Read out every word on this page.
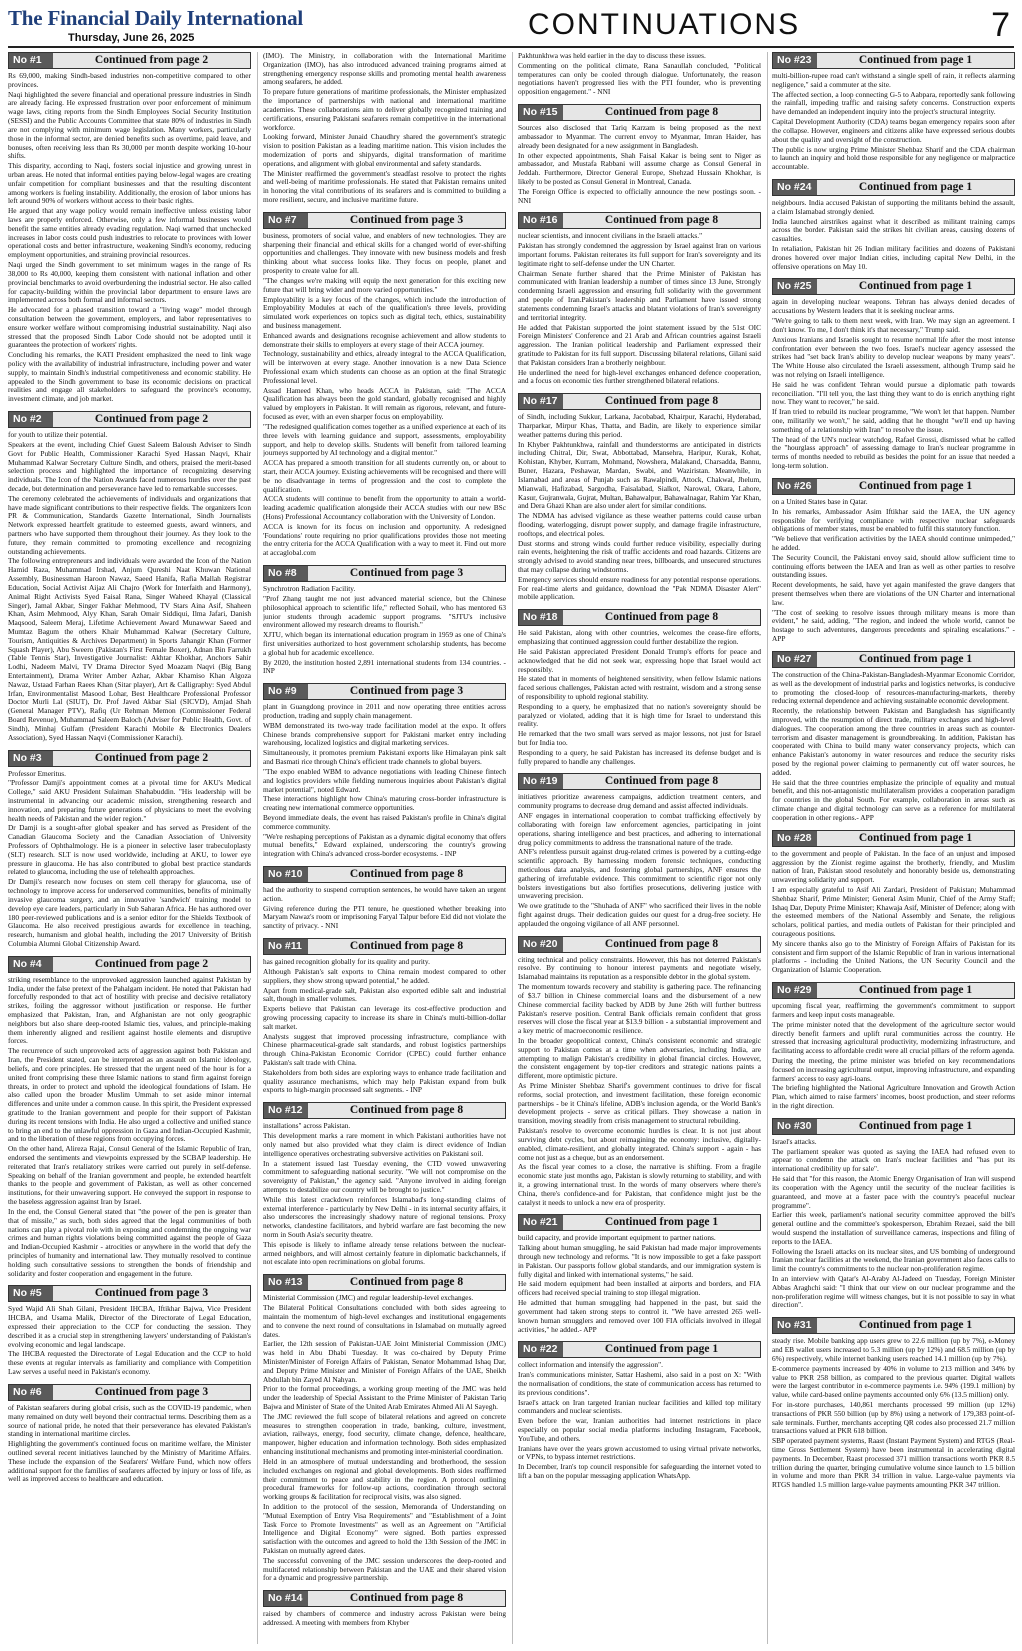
The Financial Daily International
Thursday, June 26, 2025	CONTINUATIONS	7
No #1	Continued from page 2

Rs 69,000, making Sindh-based industries non-competitive compared to other provinces.

Naqi highlighted the severe financial and operational pressure industries in Sindh are already facing. He expressed frustration over poor enforcement of minimum wage laws, citing reports from the Sindh Employees Social Security Institution (SESSI) and the Public Accounts Committee that state 80% of industries in Sindh are not complying with minimum wage legislation. Many workers, particularly those in the informal sector, are denied benefits such as overtime, paid leave, and bonuses, often receiving less than Rs 30,000 per month despite working 10-hour shifts.

This disparity, according to Naqi, fosters social injustice and growing unrest in urban areas. He noted that informal entities paying below-legal wages are creating unfair competition for compliant businesses and that the resulting discontent among workers is fueling instability. Additionally, the erosion of labor unions has left around 90% of workers without access to their basic rights.

He argued that any wage policy would remain ineffective unless existing labor laws are properly enforced. Otherwise, only a few informal businesses would benefit the same entities already evading regulation. Naqi warned that unchecked increases in labor costs could push industries to relocate to provinces with lower operational costs and better infrastructure, weakening Sindh's economy, reducing employment opportunities, and straining provincial resources.

Naqi urged the Sindh government to set minimum wages in the range of Rs 38,000 to Rs 40,000, keeping them consistent with national inflation and other provincial benchmarks to avoid overburdening the industrial sector. He also called for capacity-building within the provincial labor department to ensure laws are implemented across both formal and informal sectors.

He advocated for a phased transition toward a "living wage" model through consultation between the government, employers, and labor representatives to ensure worker welfare without compromising industrial sustainability. Naqi also stressed that the proposed Sindh Labor Code should not be adopted until it guarantees the protection of workers' rights.

Concluding his remarks, the KATI President emphasized the need to link wage policy with the availability of industrial infrastructure, including power and water supply, to maintain Sindh's industrial competitiveness and economic stability. He appealed to the Sindh government to base its economic decisions on practical realities and engage all stakeholders to safeguard the province's economy, investment climate, and job market.

No #2	Continued from page 2

for youth to utilize their potential.

Speakers at the event, including Chief Guest Saleem Baloush Adviser to Sindh Govt for Public Health, Commissioner Karachi Syed Hassan Naqvi, Khair Muhammad Kalwar Secretary Culture Sindh, and others, praised the merit-based selection process and highlighted the importance of recognizing deserving individuals. The Icon of the Nation Awards faced numerous hurdles over the past decade, but determination and perseverance have led to remarkable successes.

The ceremony celebrated the achievements of individuals and organizations that have made significant contributions to their respective fields. The organizers Icon PR & Communication, Standards Gazette International, Sindh Journalists Network expressed heartfelt gratitude to esteemed guests, award winners, and partners who have supported them throughout their journey. As they look to the future, they remain committed to promoting excellence and recognizing outstanding achievements.

The following entrepreneurs and individuals were awarded the Icon of the Nation Hamid Raza, Muhammad Irshad, Anjum Qureshi Naat Khuwan National Assembly, Businessman Haroon Nawaz, Saeed Hanifa, Rafia Mallah Registrar Education, Social Activist Aijaz Ali Chajro (Work for Interfaith and Harmony), Animal Right Activists Syed Faisal Rana, Singer Waheed Khayal (Classical Singer), Jamal Akbar, Singer Fakhar Mehmood, TV Stars Aina Asif, Shaheen Khan, Asim Mehmood, Alyy Khan, Sarah Omair Siddiqui, Ilma Jafari, Danish Maqsood, Saleem Meraj, Lifetime Achievement Award Munawwar Saeed and Mumtaz Bagum the others Khair Muhammad Kalwar (Secretary Culture, Tourism, Antiquities & Archives Department) in Sports Jahangir Khan (Former Squash Player), Abu Sweero (Pakistan's First Female Boxer), Adnan Bin Farrukh (Table Tennis Star), Investigative Journalist: Akhtar Khokhar, Anchors Sahir Lodhi, Nadeem Malvi, TV Drama Director Syed Moazam Naqvi (Big Bang Entertainment), Drama Writer Amber Azhar, Akbar Khamiso Khan Algoza Nawaz, Ustaad Farhan Raees Khan (Sitar player), Art & Calligraphy: Syed Abdul Irfan, Environmentalist Masood Lohar, Best Healthcare Professional Professor Doctor Murli Lal (SIUT), Dr. Prof Javed Akbar Sial (SICVD), Amjad Shah (General Manager PTV), Rafiq (Ur Rehman Memon (Commissioner Federal Board Revenue), Muhammad Saleem Baloch (Adviser for Public Health, Govt. of Sindh), Minhaj Gulfam (President Karachi Mobile & Electronics Dealers Association), Syed Hassan Naqvi (Commissioner Karachi).

No #3	Continued from page 2

Professor Emeritus.

"Professor Damji's appointment comes at a pivotal time for AKU's Medical College," said AKU President Sulaiman Shahabuddin. "His leadership will be instrumental in advancing our academic mission, strengthening research and innovation, and preparing future generations of physicians to meet the evolving health needs of Pakistan and the wider region."

Dr Damji is a sought-after global speaker and has served as President of the Canadian Glaucoma Society and the Canadian Association of University Professors of Ophthalmology. He is a pioneer in selective laser trabeculoplasty (SLT) research. SLT is now used worldwide, including at AKU, to lower eye pressure in glaucoma. He has also contributed to global best practice standards related to glaucoma, including the use of telehealth approaches.

Dr Damji's research now focuses on stem cell therapy for glaucoma, use of technology to improve access for underserved communities, benefits of minimally invasive glaucoma surgery, and an innovative 'sandwich' training model to develop eye care leaders, particularly in Sub Saharan Africa. He has authored over 180 peer-reviewed publications and is a senior editor for the Shields Textbook of Glaucoma. He also received prestigious awards for excellence in teaching, research, humanism and global health, including the 2017 University of British Columbia Alumni Global Citizenship Award.

No #4	Continued from page 2

striking resemblance to the unprovoked aggression launched against Pakistan by India, under the false pretext of the Pahalgam incident. He noted that Pakistan had forcefully responded to that act of hostility with precise and decisive retaliatory strikes, foiling the aggressor without justification or response. He further emphasized that Pakistan, Iran, and Afghanistan are not only geographic neighbors but also share deep-rooted Islamic ties, values, and principle-making them inherently aligned and resilient against hostile elements and disruptive forces.

The recurrence of such unprovoked acts of aggression against both Pakistan and Iran, the President stated, can be interpreted as an assault on Islamic ideology, beliefs, and core principles. He stressed that the urgent need of the hour is for a united front comprising these three Islamic nations to stand firm against foreign threats, in order to protect and uphold the ideological foundations of Islam. He also called upon the broader Muslim Ummah to set aside minor internal differences and unite under a common cause. In this spirit, the President expressed gratitude to the Iranian government and people for their support of Pakistan during its recent tensions with India. He also urged a collective and unified stance to bring an end to the unlawful oppression in Gaza and Indian-Occupied Kashmir, and to the liberation of these regions from occupying forces.

On the other hand, Alireza Rajai, Consul General of the Islamic Republic of Iran, endorsed the sentiments and viewpoints expressed by the SCBAP leadership. He reiterated that Iran's retaliatory strikes were carried out purely in self-defense. Speaking on behalf of the Iranian government and people, he extended heartfelt thanks to the people and government of Pakistan, as well as other concerned institutions, for their unwavering support. He conveyed the support in response to the baseless aggression against Iran by Israel.

In the end, the Consul General stated that "the power of the pen is greater than that of missile," as such, both sides agreed that the legal communities of both nations can play a pivotal role with in exposing and condemning the ongoing war crimes and human rights violations being committed against the people of Gaza and Indian-Occupied Kashmir - atrocities or anywhere in the world that defy the principles of humanity and international law. They mutually resolved to continue holding such consultative sessions to strengthen the bonds of friendship and solidarity and foster cooperation and engagement in the future.

No #5	Continued from page 3

Syed Wajid Ali Shah Gilani, President IHCBA, Iftikhar Bajwa, Vice President IHCBA, and Usama Malik, Director of the Directorate of Legal Education, expressed their appreciation to the CCP for conducting the session. They described it as a crucial step in strengthening lawyers' understanding of Pakistan's evolving economic and legal landscape.

The IHCBA requested the Directorate of Legal Education and the CCP to hold these events at regular intervals as familiarity and compliance with Competition Law serves a useful need in Pakistan's economy.

No #6	Continued from page 3

of Pakistan seafarers during global crisis, such as the COVID-19 pandemic, when many remained on duty well beyond their contractual terms. Describing them as a source of national pride, he noted that their perseverance has elevated Pakistan's standing in international maritime circles.

Highlighting the government's continued focus on maritime welfare, the Minister outlined several recent initiatives launched by the Ministry of Maritime Affairs. These include the expansion of the Seafarers' Welfare Fund, which now offers additional support for the families of seafarers affected by injury or loss of life, as well as improved access to healthcare and education.

(IMO). The Ministry, in collaboration with the International Maritime Organization (IMO), has also introduced advanced training programs aimed at strengthening emergency response skills and promoting mental health awareness among seafarers, he added.

To prepare future generations of maritime professionals, the Minister emphasized the importance of partnerships with national and international maritime academies. These collaborations aim to deliver globally recognized training and certifications, ensuring Pakistani seafarers remain competitive in the international workforce.

Looking forward, Minister Junaid Chaudhry shared the government's strategic vision to position Pakistan as a leading maritime nation. This vision includes the modernization of ports and shipyards, digital transformation of maritime operations, and alignment with global environmental and safety standards.

The Minister reaffirmed the government's steadfast resolve to protect the rights and well-being of maritime professionals. He stated that Pakistan remains united in honoring the vital contributions of its seafarers and is committed to building a more resilient, secure, and inclusive maritime future.

No #7	Continued from page 3

business, promoters of social value, and enablers of new technologies. They are sharpening their financial and ethical skills for a changed world of ever-shifting opportunities and challenges. They innovate with new business models and fresh thinking about what success looks like. They focus on people, planet and prosperity to create value for all.

"The changes we're making will equip the next generation for this exciting new future that will bring wider and more varied opportunities."

Employability is a key focus of the changes, which include the introduction of Employability Modules at each of the qualification's three levels, providing simulated work experiences on topics such as digital tech, ethics, sustainability and business management.

Enhanced awards and designations recognise achievement and allow students to demonstrate their skills to employers at every stage of their ACCA journey.

Technology, sustainability and ethics, already integral to the ACCA Qualification, will be interwoven at every stage. Another innovation is a new Data Science Professional exam which students can choose as an option at the final Strategic Professional level.

Assad Hameed Khan, who heads ACCA in Pakistan, said: "The ACCA Qualification has always been the gold standard, globally recognised and highly valued by employers in Pakistan. It will remain as rigorous, relevant, and future-focused as ever, with an even sharper focus on employability.

"The redesigned qualification comes together as a unified experience at each of its three levels with learning guidance and support, assessments, employability support, and help to develop skills. Students will benefit from tailored learning journeys supported by AI technology and a digital mentor."

ACCA has prepared a smooth transition for all students currently on, or about to start, their ACCA journey. Existing achievements will be recognised and there will be no disadvantage in terms of progression and the cost to complete the qualification.

ACCA students will continue to benefit from the opportunity to attain a world-leading academic qualification alongside their ACCA studies with our new BSc (Hons) Professional Accountancy collaboration with the University of London.

ACCA is known for its focus on inclusion and opportunity. A redesigned 'Foundations' route requiring no prior qualifications provides those not meeting the entry criteria for the ACCA Qualification with a way to meet it. Find out more at accaglobal.com

No #8	Continued from page 3

Synchrotron Radiation Facility.

"Prof Zhang taught me not just advanced material science, but the Chinese philosophical approach to scientific life," reflected Sohail, who has mentored 63 junior students through academic support programs. "SJTU's inclusive environment allowed my research dreams to flourish."

XJTU, which began its international education program in 1959 as one of China's first universities authorized to host government scholarship students, has become a global hub for academic excellence.

By 2020, the institution hosted 2,891 international students from 134 countries. - INP

No #9	Continued from page 3

plant in Guangdong province in 2011 and now operating three entities across production, trading and supply chain management.

WBM demonstrated its two-way trade facilitation model at the expo. It offers Chinese brands comprehensive support for Pakistani market entry including warehousing, localized logistics and digital marketing services.

Simultaneously, it promotes premium Pakistani exports like Himalayan pink salt and Basmati rice through China's efficient trade channels to global buyers.

"The expo enabled WBM to advance negotiations with leading Chinese fintech and logistics providers while fielding numerous inquiries about Pakistan's digital market potential", noted Edward.

These interactions highlight how China's maturing cross-border infrastructure is creating new international commerce opportunities.

Beyond immediate deals, the event has raised Pakistan's profile in China's digital commerce community.

"We're reshaping perceptions of Pakistan as a dynamic digital economy that offers mutual benefits," Edward explained, underscoring the country's growing integration with China's advanced cross-border ecosystems. - INP

No #10	Continued from page 8

had the authority to suspend corruption sentences, he would have taken an urgent action.

Giving reference during the PTI tenure, he questioned whether breaking into Maryam Nawaz's room or imprisoning Faryal Talpur before Eid did not violate the sanctity of privacy. - NNI

No #11	Continued from page 8

has gained recognition globally for its quality and purity.

Although Pakistan's salt exports to China remain modest compared to other suppliers, they show strong upward potential," he added.

Apart from medical-grade salt, Pakistan also exported edible salt and industrial salt, though in smaller volumes.

Experts believe that Pakistan can leverage its cost-effective production and growing processing capacity to increase its share in China's multi-billion-dollar salt market.

Analysts suggest that improved processing infrastructure, compliance with Chinese pharmaceutical-grade salt standards, and robust logistics partnerships through China-Pakistan Economic Corridor (CPEC) could further enhance Pakistan's salt trade with China.

Stakeholders from both sides are exploring ways to enhance trade facilitation and quality assurance mechanisms, which may help Pakistan expand from bulk exports to high-margin processed salt segments. - INP

No #12	Continued from page 8

installations" across Pakistan.

This development marks a rare moment in which Pakistani authorities have not only named but also provided what they claim is direct evidence of Indian intelligence operatives orchestrating subversive activities on Pakistani soil.

In a statement issued last Tuesday evening, the CTD vowed unwavering commitment to safeguarding national security. "We will not compromise on the sovereignty of Pakistan," the agency said. "Anyone involved in aiding foreign attempts to destabilize our country will be brought to justice."

While this latest crackdown reinforces Islamabad's long-standing claims of external interference - particularly by New Delhi - in its internal security affairs, it also underscores the increasingly shadowy nature of regional tensions. Proxy networks, clandestine facilitators, and hybrid warfare are fast becoming the new norm in South Asia's security theatre.

This episode is likely to inflame already tense relations between the nuclear-armed neighbors, and will almost certainly feature in diplomatic backchannels, if not escalate into open recriminations on global forums.

No #13	Continued from page 8

Ministerial Commission (JMC) and regular leadership-level exchanges.

The Bilateral Political Consultations concluded with both sides agreeing to maintain the momentum of high-level exchanges and institutional engagements and to convene the next round of consultations in Islamabad on mutually agreed dates.

Earlier, the 12th session of Pakistan-UAE Joint Ministerial Commission (JMC) was held in Abu Dhabi Tuesday. It was co-chaired by Deputy Prime Minister/Minister of Foreign Affairs of Pakistan, Senator Mohammad Ishaq Dar, and Deputy Prime Minister and Minister of Foreign Affairs of the UAE, Sheikh Abdullah bin Zayed Al Nahyan.

Prior to the formal proceedings, a working group meeting of the JMC was held under the leadership of Special Assistant to the Prime Minister of Pakistan Tariq Bajwa and Minister of State of the United Arab Emirates Ahmed Ali Al Sayegh.

The JMC reviewed the full scope of bilateral relations and agreed on concrete measures to strengthen cooperation in trade, banking, culture, investment, aviation, railways, energy, food security, climate change, defence, healthcare, manpower, higher education and information technology. Both sides emphasized enhancing institutional mechanisms and promoting inter-ministerial coordination.

Held in an atmosphere of mutual understanding and brotherhood, the session included exchanges on regional and global developments. Both sides reaffirmed their commitment to peace and stability in the region. A protocol outlining procedural frameworks for follow-up actions, coordination through sectoral working groups & facilitation for reciprocal visits, was also signed.

In addition to the protocol of the session, Memoranda of Understanding on "Mutual Exemption of Entry Visa Requirements" and "Establishment of a Joint Task Force to Promote Investments" as well as an Agreement on "Artificial Intelligence and Digital Economy" were signed. Both parties expressed satisfaction with the outcomes and agreed to hold the 13th Session of the JMC in Pakistan on mutually agreed dates.

The successful convening of the JMC session underscores the deep-rooted and multifaceted relationship between Pakistan and the UAE and their shared vision for a dynamic and progressive partnership.

No #14	Continued from page 8

raised by chambers of commerce and industry across Pakistan were being addressed. A meeting with members from Khyber

Pakhtunkhwa was held earlier in the day to discuss these issues.

Commenting on the political climate, Rana Sanaullah concluded, "Political temperatures can only be cooled through dialogue. Unfortunately, the reason negotiations haven't progressed lies with the PTI founder, who is preventing opposition engagement." - NNI

No #15	Continued from page 8

Sources also disclosed that Tariq Karzam is being proposed as the next ambassador to Myanmar. The current envoy to Myanmar, Imran Haider, has already been designated for a new assignment in Bangladesh.

In other expected appointments, Shah Faisal Kakar is being sent to Niger as ambassador, and Mustafa Rabbani will assume charge as Consul General in Jeddah. Furthermore, Director General Europe, Shehzad Hussain Khokhar, is likely to be posted as Consul General in Montreal, Canada.

The Foreign Office is expected to officially announce the new postings soon. - NNI

No #16	Continued from page 8

nuclear scientists, and innocent civilians in the Israeli attacks."

Pakistan has strongly condemned the aggression by Israel against Iran on various important forums. Pakistan reiterates its full support for Iran's sovereignty and its legitimate right to self-defense under the UN Charter.

Chairman Senate further shared that the Prime Minister of Pakistan has communicated with Iranian leadership a number of times since 13 June, Strongly condemning Israeli aggression and ensuring full solidarity with the government and people of Iran.Pakistan's leadership and Parliament have issued strong statements condemning Israel's attacks and blatant violations of Iran's sovereignty and territorial integrity.

He added that Pakistan supported the joint statement issued by the 51st OIC Foreign Ministers' Conference and 21 Arab and African countries against Israeli aggression. The Iranian political leadership and Parliament expressed their gratitude to Pakistan for its full support. Discussing bilateral relations, Gilani said that Pakistan considers Iran a brotherly neighbour.

He underlined the need for high-level exchanges enhanced defence cooperation, and a focus on economic ties further strengthened bilateral relations.

No #17	Continued from page 8

of Sindh, including Sukkur, Larkana, Jacobabad, Khairpur, Karachi, Hyderabad, Tharparkar, Mirpur Khas, Thatta, and Badin, are likely to experience similar weather patterns during this period.

In Khyber Pakhtunkhwa, rainfall and thunderstorms are anticipated in districts including Chitral, Dir, Swat, Abbottabad, Mansehra, Haripur, Kurak, Kohat, Kohistan, Khyber, Kurram, Mohmand, Nowshera, Malakand, Charsadda, Bannu, Buner, Hazara, Peshawar, Mardan, Swabi, and Waziristan. Meanwhile, in Islamabad and areas of Punjab such as Rawalpindi, Attock, Chakwal, Jhelum, Mianwali, Hafizabad, Sargodha, Faisalabad, Sialkot, Narowal, Okara, Lahore, Kasur, Gujranwala, Gujrat, Multan, Bahawalpur, Bahawalnagar, Rahim Yar Khan, and Dera Ghazi Khan are also under alert for similar conditions.

The NDMA has advised vigilance as these weather patterns could cause urban flooding, waterlogging, disrupt power supply, and damage fragile infrastructure, rooftops, and electrical poles.

Dust storms and strong winds could further reduce visibility, especially during rain events, heightening the risk of traffic accidents and road hazards. Citizens are strongly advised to avoid standing near trees, billboards, and unsecured structures that may collapse during windstorms.

Emergency services should ensure readiness for any potential response operations. For real-time alerts and guidance, download the "Pak NDMA Disaster Alert" mobile application.

No #18	Continued from page 8

He said Pakistan, along with other countries, welcomes the cease-fire efforts, emphasizing that continued aggression could further destabilize the region.

He said Pakistan appreciated President Donald Trump's efforts for peace and acknowledged that he did not seek war, expressing hope that Israel would act responsibly.

He stated that in moments of heightened sensitivity, when fellow Islamic nations faced serious challenges, Pakistan acted with restraint, wisdom and a strong sense of responsibility to uphold regional stability.

Responding to a query, he emphasized that no nation's sovereignty should be paralyzed or violated, adding that it is high time for Israel to understand this reality.

He remarked that the two small wars served as major lessons, not just for Israel but for India too.

Responding to a query, he said Pakistan has increased its defense budget and is fully prepared to handle any challenges.

No #19	Continued from page 8

initiatives prioritize awareness campaigns, addiction treatment centers, and community programs to decrease drug demand and assist affected individuals.

ANF engages in international cooperation to combat trafficking effectively by collaborating with foreign law enforcement agencies, participating in joint operations, sharing intelligence and best practices, and adhering to international drug policy commitments to address the transnational nature of the trade.

ANF's relentless pursuit against drug-related crimes is powered by a cutting-edge scientific approach. By harnessing modern forensic techniques, conducting meticulous data analysis, and fostering global partnerships, ANF ensures the gathering of irrefutable evidence. This commitment to scientific rigor not only bolsters investigations but also fortifies prosecutions, delivering justice with unwavering precision.

We owe gratitude to the "Shuhada of ANF" who sacrificed their lives in the noble fight against drugs. Their dedication guides our quest for a drug-free society. He applauded the ongoing vigilance of all ANF personnel.

No #20	Continued from page 8

citing technical and policy constraints. However, this has not deterred Pakistan's resolve. By continuing to honour interest payments and negotiate wisely, Islamabad maintains its reputation as a responsible debtor in the global system.

The momentum towards recovery and stability is gathering pace. The refinancing of $3.7 billion in Chinese commercial loans and the disbursement of a new Chinese commercial facility backed by ADB by June 26th will further buttress Pakistan's reserve position. Central Bank officials remain confident that gross reserves will close the fiscal year at $13.9 billion - a substantial improvement and a key metric of macroeconomic resilience.

In the broader geopolitical context, China's consistent economic and strategic support to Pakistan comes at a time when adversaries, including India, are attempting to malign Pakistan's credibility in global financial circles. However, the consistent engagement by top-tier creditors and strategic nations paints a different, more optimistic picture.

As Prime Minister Shehbaz Sharif's government continues to drive for fiscal reforms, social protection, and investment facilitation, these foreign economic partnerships - be it China's lifeline, ADB's inclusion agenda, or the World Bank's development projects - serve as critical pillars. They showcase a nation in transition, moving steadily from crisis management to structural rebuilding.

Pakistan's resolve to overcome economic hurdles is clear. It is not just about surviving debt cycles, but about reimagining the economy: inclusive, digitally-enabled, climate-resilient, and globally integrated. China's support - again - has come not just as a cheque, but as an endorsement.

As the fiscal year comes to a close, the narrative is shifting. From a fragile economic state just months ago, Pakistan is slowly returning to stability, and with it, a growing international trust. In the words of many observers where there's China, there's confidence-and for Pakistan, that confidence might just be the catalyst it needs to unlock a new era of prosperity.

No #21	Continued from page 1

build capacity, and provide important equipment to partner nations.

Talking about human smuggling, he said Pakistan had made major improvements through new technology and reforms. "It is now impossible to get a fake passport in Pakistan. Our passports follow global standards, and our immigration system is fully digital and linked with international systems," he said.

He said modern equipment had been installed at airports and borders, and FIA officers had received special training to stop illegal migration.

He admitted that human smuggling had happened in the past, but said the government had taken strong steps to control it. "We have arrested 265 well-known human smugglers and removed over 100 FIA officials involved in illegal activities," he added.- APP

No #22	Continued from page 1

collect information and intensify the aggression".

Iran's communications minister, Sattar Hashemi, also said in a post on X: "With the normalisation of conditions, the state of communication access has returned to its previous conditions".

Israel's attack on Iran targeted Iranian nuclear facilities and killed top military commanders and nuclear scientists.

Even before the war, Iranian authorities had internet restrictions in place especially on popular social media platforms including Instagram, Facebook, YouTube, and others.

Iranians have over the years grown accustomed to using virtual private networks, or VPNs, to bypass internet restrictions.

In December, Iran's top council responsible for safeguarding the internet voted to lift a ban on the popular messaging application WhatsApp.

No #23	Continued from page 1

multi-billion-rupee road can't withstand a single spell of rain, it reflects alarming negligence," said a commuter at the site.

The affected section, a loop connecting G-5 to Aabpara, reportedly sank following the rainfall, impeding traffic and raising safety concerns. Construction experts have demanded an independent inquiry into the project's structural integrity.

Capital Development Authority (CDA) teams began emergency repairs soon after the collapse. However, engineers and citizens alike have expressed serious doubts about the quality and oversight of the construction.

The public is now urging Prime Minister Shehbaz Sharif and the CDA chairman to launch an inquiry and hold those responsible for any negligence or malpractice accountable.

No #24	Continued from page 1

neighbours. India accused Pakistan of supporting the militants behind the assault, a claim Islamabad strongly denied.

India launched airstrikes against what it described as militant training camps across the border. Pakistan said the strikes hit civilian areas, causing dozens of casualties.

In retaliation, Pakistan hit 26 Indian military facilities and dozens of Pakistani drones hovered over major Indian cities, including capital New Delhi, in the offensive operations on May 10.

No #25	Continued from page 1

again in developing nuclear weapons. Tehran has always denied decades of accusations by Western leaders that it is seeking nuclear arms.

"We're going to talk to them next week, with Iran. We may sign an agreement. I don't know. To me, I don't think it's that necessary," Trump said.

Anxious Iranians and Israelis sought to resume normal life after the most intense confrontation ever between the two foes. Israel's nuclear agency assessed the strikes had "set back Iran's ability to develop nuclear weapons by many years". The White House also circulated the Israeli assessment, although Trump said he was not relying on Israeli intelligence.

He said he was confident Tehran would pursue a diplomatic path towards reconciliation. "I'll tell you, the last thing they want to do is enrich anything right now. They want to recover," he said.

If Iran tried to rebuild its nuclear programme, "We won't let that happen. Number one, militarily we won't," he said, adding that he thought "we'll end up having something of a relationship with Iran" to resolve the issue.

The head of the UN's nuclear watchdog, Rafael Grossi, dismissed what he called the "hourglass approach" of assessing damage to Iran's nuclear programme in terms of months needed to rebuild as besides the point for an issue that needed a long-term solution.

No #26	Continued from page 1

on a United States base in Qatar.

In his remarks, Ambassador Asim Iftikhar said the IAEA, the UN agency responsible for verifying compliance with respective nuclear safeguards obligations of member states, must be enabled to fulfil this statutory function.

"We believe that verification activities by the IAEA should continue unimpeded," he added.

The Security Council, the Pakistani envoy said, should allow sufficient time to continuing efforts between the IAEA and Iran as well as other parties to resolve outstanding issues.

Recent developments, he said, have yet again manifested the grave dangers that present themselves when there are violations of the UN Charter and international law.

"The cost of seeking to resolve issues through military means is more than evident," he said, adding, "The region, and indeed the whole world, cannot be hostage to such adventures, dangerous precedents and spiraling escalations." - APP

No #27	Continued from page 1

The construction of the China-Pakistan-Bangladesh-Myanmar Economic Corridor, as well as the development of industrial parks and logistics networks, is conducive to promoting the closed-loop of resources-manufacturing-markets, thereby reducing external dependence and achieving sustainable economic development.

Recently, the relationship between Pakistan and Bangladesh has significantly improved, with the resumption of direct trade, military exchanges and high-level dialogues. The cooperation among the three countries in areas such as counter-terrorism and disaster management is groundbreaking. In addition, Pakistan has cooperated with China to build many water conservancy projects, which can enhance Pakistan's autonomy in water resources and reduce the security risks posed by the regional power claiming to permanently cut off water sources, he added.

He said that the three countries emphasize the principle of equality and mutual benefit, and this not-antagonistic multilateralism provides a cooperation paradigm for countries in the global South. For example, collaboration in areas such as climate change and digital technology can serve as a reference for multilateral cooperation in other regions.- APP

No #28	Continued from page 1

to the government and people of Pakistan. In the face of an unjust and imposed aggression by the Zionist regime against the brotherly, friendly, and Muslim nation of Iran, Pakistan stood resolutely and honorably beside us, demonstrating unwavering solidarity and support.

I am especially grateful to Asif Ali Zardari, President of Pakistan; Muhammad Shehbaz Sharif, Prime Minister; General Asim Munir, Chief of the Army Staff; Ishaq Dar, Deputy Prime Minister; Khawaja Asif, Minister of Defence; along with the esteemed members of the National Assembly and Senate, the religious scholars, political parties, and media outlets of Pakistan for their principled and courageous positions.

My sincere thanks also go to the Ministry of Foreign Affairs of Pakistan for its consistent and firm support of the Islamic Republic of Iran in various international platforms - including the United Nations, the UN Security Council and the Organization of Islamic Cooperation.

No #29	Continued from page 1

upcoming fiscal year, reaffirming the government's commitment to support farmers and keep input costs manageable.

The prime minister noted that the development of the agriculture sector would directly benefit farmers and uplift rural communities across the country. He stressed that increasing agricultural productivity, modernizing infrastructure, and facilitating access to affordable credit were all crucial pillars of the reform agenda.

During the meeting, the prime minister was briefed on key recommendations focused on increasing agricultural output, improving infrastructure, and expanding farmers' access to easy agri-loans.

The briefing highlighted the National Agriculture Innovation and Growth Action Plan, which aimed to raise farmers' incomes, boost production, and steer reforms in the right direction.

No #30	Continued from page 1

Israel's attacks.

The parliament speaker was quoted as saying the IAEA had refused even to appear to condemn the attack on Iran's nuclear facilities and "has put its international credibility up for sale".

He said that "for this reason, the Atomic Energy Organisation of Iran will suspend its cooperation with the Agency until the security of the nuclear facilities is guaranteed, and move at a faster pace with the country's peaceful nuclear programme".

Earlier this week, parliament's national security committee approved the bill's general outline and the committee's spokesperson, Ebrahim Rezaei, said the bill would suspend the installation of surveillance cameras, inspections and filing of reports to the IAEA.

Following the Israeli attacks on its nuclear sites, and US bombing of underground Iranian nuclear facilities at the weekend, the Iranian government also faces calls to limit the country's commitments to the nuclear non-proliferation regime.

In an interview with Qatar's Al-Araby Al-Jadeed on Tuesday, Foreign Minister Abbas Araghchi said: "I think that our view on our nuclear programme and the non-proliferation regime will witness changes, but it is not possible to say in what direction".

No #31	Continued from page 1

steady rise. Mobile banking app users grew to 22.6 million (up by 7%), e-Money and EB wallet users increased to 5.3 million (up by 12%) and 68.5 million (up by 6%) respectively, while internet banking users reached 14.1 million (up by 7%).

E-commerce payments increased by 40% in volume to 213 million and 34% by value to PKR 258 billion, as compared to the previous quarter. Digital wallets were the largest contributor in e-commerce payments i.e. 94% (199.1 million) by value, while card-based online payments accounted only 6% (13.5 million) only.

For in-store purchases, 140,861 merchants processed 99 million (up 12%) transactions of PKR 550 billion (up by 8%) using a network of 179,383 point-of-sale terminals. Further, merchants accepting QR codes also processed 21.7 million transactions valued at PKR 618 billion.

SBP operated payment systems, Raast (Instant Payment System) and RTGS (Real-time Gross Settlement System) have been instrumental in accelerating digital payments. In December, Raast processed 371 million transactions worth PKR 8.5 trillion during the quarter, bringing cumulative volume since launch to 1.5 billion in volume and more than PKR 34 trillion in value. Large-value payments via RTGS handled 1.5 million large-value payments amounting PKR 347 trillion.
